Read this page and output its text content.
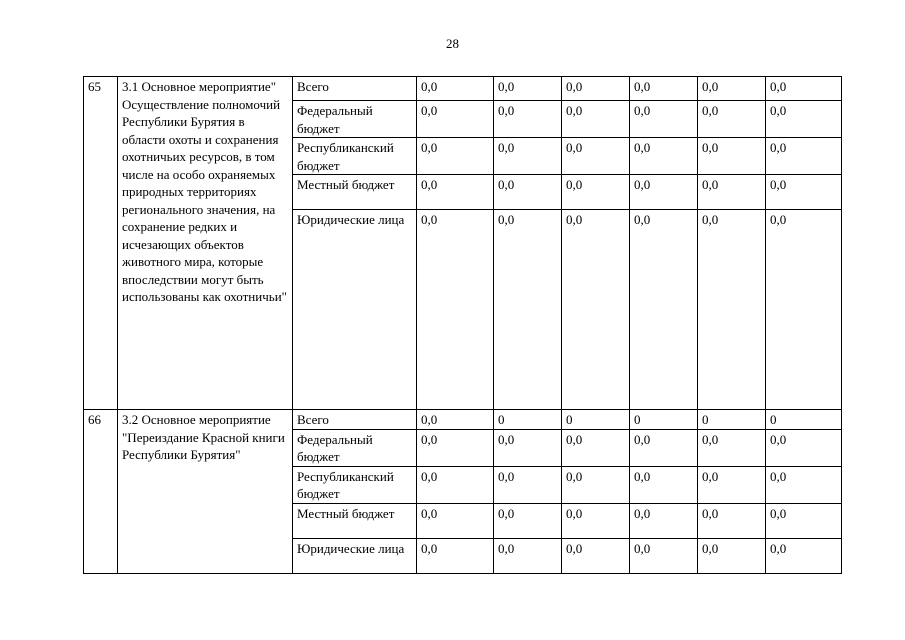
28
65	3.1 Основное мероприятие" Осуществление полномочий Республики Бурятия в области охоты и сохранения охотничьих ресурсов, в том числе на особо охраняемых природных территориях регионального значения, на сохранение редких и исчезающих объектов животного мира, которые впоследствии могут быть использованы как охотничьи"	Всего	0,0	0,0	0,0	0,0	0,0	0,0
		Федеральный бюджет	0,0	0,0	0,0	0,0	0,0	0,0
		Республиканский бюджет	0,0	0,0	0,0	0,0	0,0	0,0
		Местный бюджет	0,0	0,0	0,0	0,0	0,0	0,0
		Юридические лица	0,0	0,0	0,0	0,0	0,0	0,0
66	3.2 Основное мероприятие "Переиздание Красной книги Республики Бурятия"	Всего	0,0	0	0	0	0	0
		Федеральный бюджет	0,0	0,0	0,0	0,0	0,0	0,0
		Республиканский бюджет	0,0	0,0	0,0	0,0	0,0	0,0
		Местный бюджет	0,0	0,0	0,0	0,0	0,0	0,0
		Юридические лица	0,0	0,0	0,0	0,0	0,0	0,0
